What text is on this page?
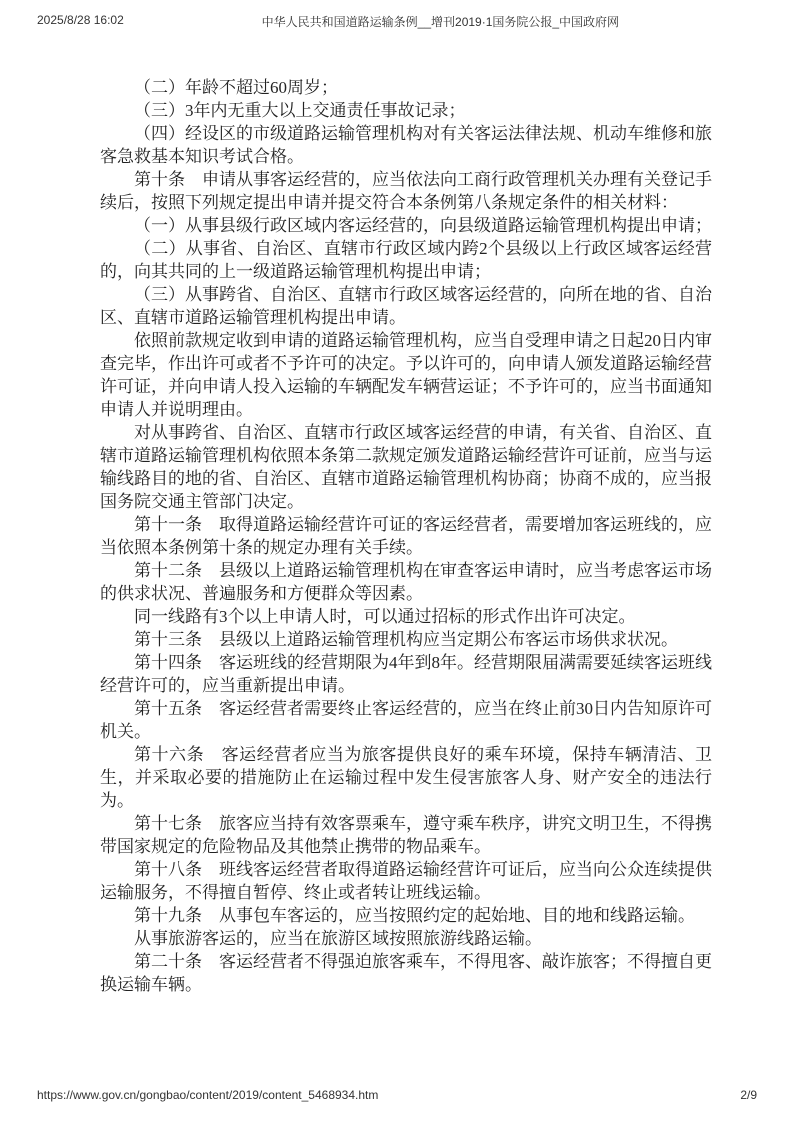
2025/8/28 16:02	中华人民共和国道路运输条例__增刊2019·1国务院公报_中国政府网

（二）年龄不超过60周岁；

（三）3年内无重大以上交通责任事故记录；

（四）经设区的市级道路运输管理机构对有关客运法律法规、机动车维修和旅客急救基本知识考试合格。

第十条　申请从事客运经营的，应当依法向工商行政管理机关办理有关登记手续后，按照下列规定提出申请并提交符合本条例第八条规定条件的相关材料：

（一）从事县级行政区域内客运经营的，向县级道路运输管理机构提出申请；

（二）从事省、自治区、直辖市行政区域内跨2个县级以上行政区域客运经营的，向其共同的上一级道路运输管理机构提出申请；

（三）从事跨省、自治区、直辖市行政区域客运经营的，向所在地的省、自治区、直辖市道路运输管理机构提出申请。

依照前款规定收到申请的道路运输管理机构，应当自受理申请之日起20日内审查完毕，作出许可或者不予许可的决定。予以许可的，向申请人颁发道路运输经营许可证，并向申请人投入运输的车辆配发车辆营运证；不予许可的，应当书面通知申请人并说明理由。

对从事跨省、自治区、直辖市行政区域客运经营的申请，有关省、自治区、直辖市道路运输管理机构依照本条第二款规定颁发道路运输经营许可证前，应当与运输线路目的地的省、自治区、直辖市道路运输管理机构协商；协商不成的，应当报国务院交通主管部门决定。

第十一条　取得道路运输经营许可证的客运经营者，需要增加客运班线的，应当依照本条例第十条的规定办理有关手续。

第十二条　县级以上道路运输管理机构在审查客运申请时，应当考虑客运市场的供求状况、普遍服务和方便群众等因素。

同一线路有3个以上申请人时，可以通过招标的形式作出许可决定。

第十三条　县级以上道路运输管理机构应当定期公布客运市场供求状况。

第十四条　客运班线的经营期限为4年到8年。经营期限届满需要延续客运班线经营许可的，应当重新提出申请。

第十五条　客运经营者需要终止客运经营的，应当在终止前30日内告知原许可机关。

第十六条　客运经营者应当为旅客提供良好的乘车环境，保持车辆清洁、卫生，并采取必要的措施防止在运输过程中发生侵害旅客人身、财产安全的违法行为。

第十七条　旅客应当持有效客票乘车，遵守乘车秩序，讲究文明卫生，不得携带国家规定的危险物品及其他禁止携带的物品乘车。

第十八条　班线客运经营者取得道路运输经营许可证后，应当向公众连续提供运输服务，不得擅自暂停、终止或者转让班线运输。

第十九条　从事包车客运的，应当按照约定的起始地、目的地和线路运输。

从事旅游客运的，应当在旅游区域按照旅游线路运输。

第二十条　客运经营者不得强迫旅客乘车，不得甩客、敲诈旅客；不得擅自更换运输车辆。

https://www.gov.cn/gongbao/content/2019/content_5468934.htm	2/9
